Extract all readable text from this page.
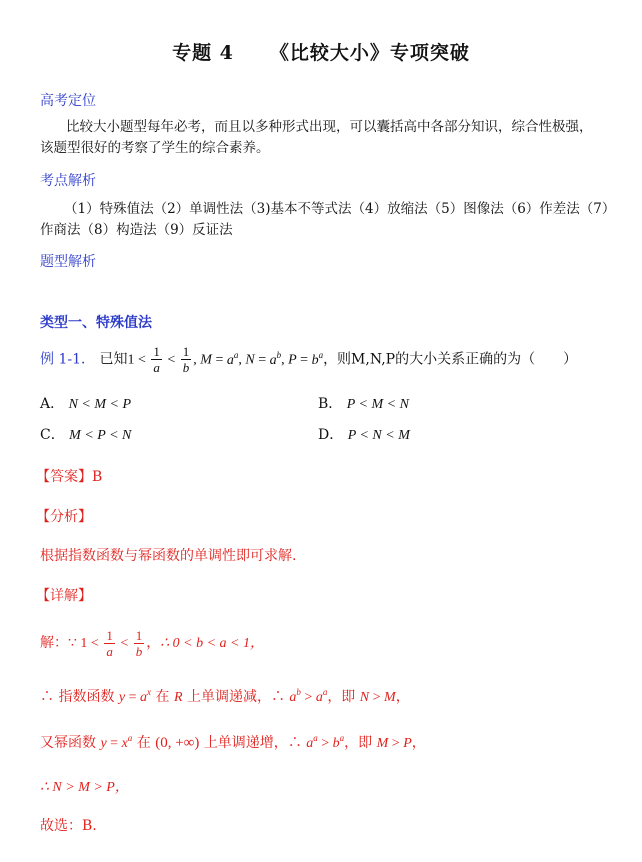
专题 4 《比较大小》专项突破
高考定位
比较大小题型每年必考，而且以多种形式出现，可以囊括高中各部分知识，综合性极强，
该题型很好的考察了学生的综合素养。
考点解析
（1）特殊值法（2）单调性法（3)基本不等式法（4）放缩法（5）图像法（6）作差法（7）
作商法（8）构造法（9）反证法
题型解析
类型一、特殊值法
例 1-1． 已知$1 < \frac{1}{a} < \frac{1}{b}$ , $M = a^a$, $N = a^b$, $P = b^a$，则M,N,P的大小关系正确的为（　　）
A． N < M < P	B． P < M < N
C． M < P < N	D． P < N < M
【答案】B
【分析】
根据指数函数与幂函数的单调性即可求解.
【详解】
解：∵ $1 < \frac{1}{a} < \frac{1}{b}$ ，∴ 0 < b < a < 1，
∴ 指数函数 $y = a^x$ 在 R 上单调递减，∴ $a^b > a^a$，即 N > M，
又幂函数 $y = x^a$ 在 (0, +∞) 上单调递增，∴ $a^a > b^a$，即 M > P，
∴ N > M > P，
故选：B.
